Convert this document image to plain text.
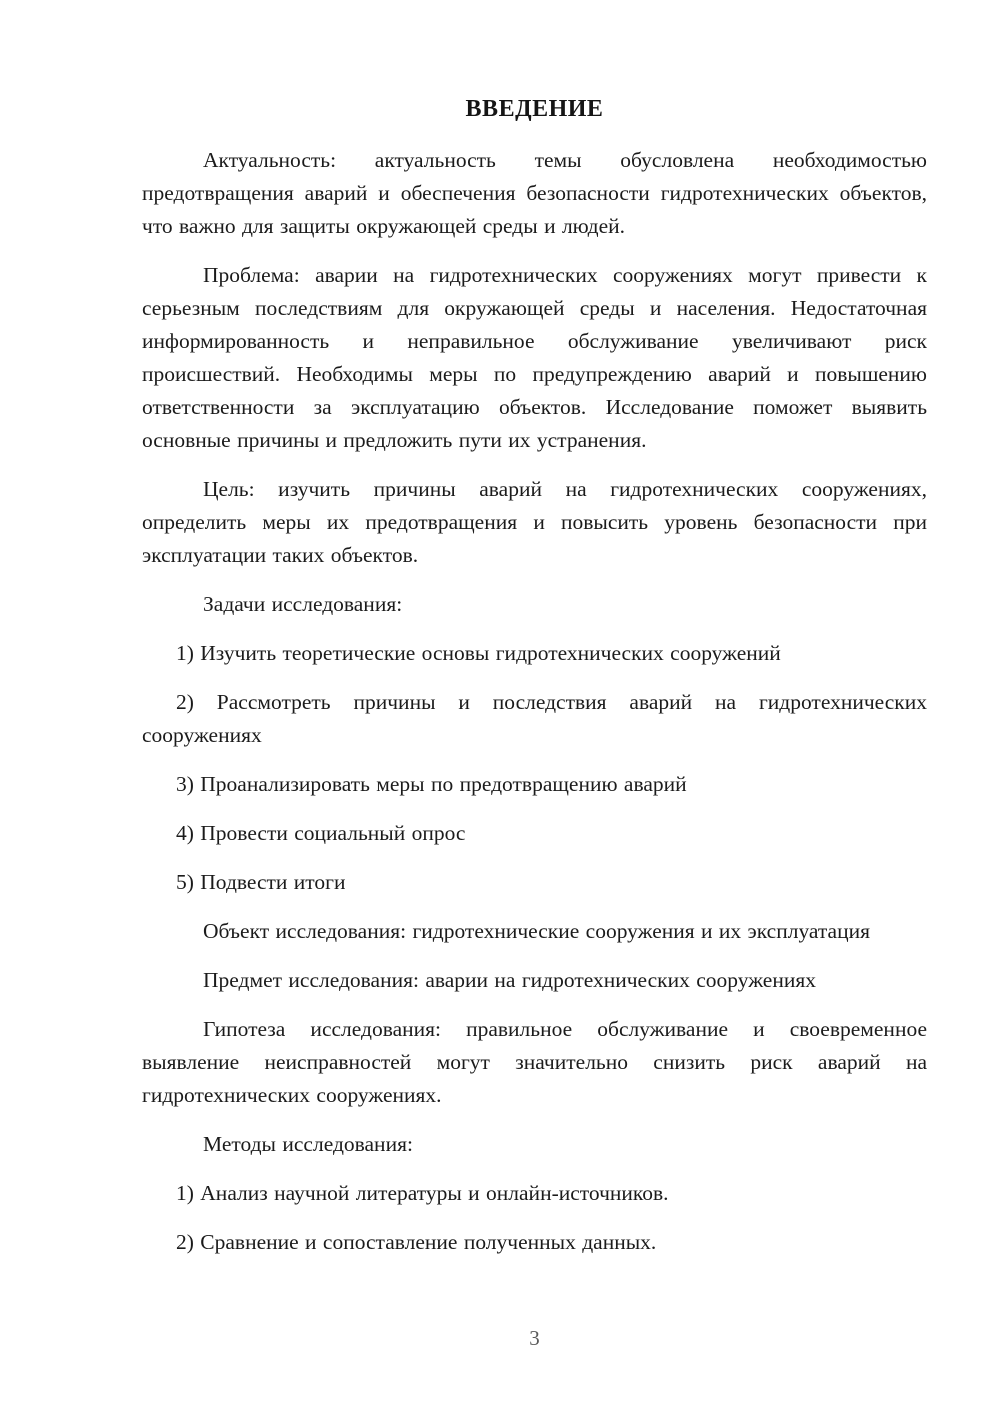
ВВЕДЕНИЕ

Актуальность: актуальность темы обусловлена необходимостью предотвращения аварий и обеспечения безопасности гидротехнических объектов, что важно для защиты окружающей среды и людей.

Проблема: аварии на гидротехнических сооружениях могут привести к серьезным последствиям для окружающей среды и населения. Недостаточная информированность и неправильное обслуживание увеличивают риск происшествий. Необходимы меры по предупреждению аварий и повышению ответственности за эксплуатацию объектов. Исследование поможет выявить основные причины и предложить пути их устранения.

Цель: изучить причины аварий на гидротехнических сооружениях, определить меры их предотвращения и повысить уровень безопасности при эксплуатации таких объектов.

Задачи исследования:

1) Изучить теоретические основы гидротехнических сооружений

2) Рассмотреть причины и последствия аварий на гидротехнических сооружениях

3) Проанализировать меры по предотвращению аварий

4) Провести социальный опрос

5) Подвести итоги

Объект исследования: гидротехнические сооружения и их эксплуатация

Предмет исследования: аварии на гидротехнических сооружениях

Гипотеза исследования: правильное обслуживание и своевременное выявление неисправностей могут значительно снизить риск аварий на гидротехнических сооружениях.

Методы исследования:

1) Анализ научной литературы и онлайн-источников.

2) Сравнение и сопоставление полученных данных.

3
